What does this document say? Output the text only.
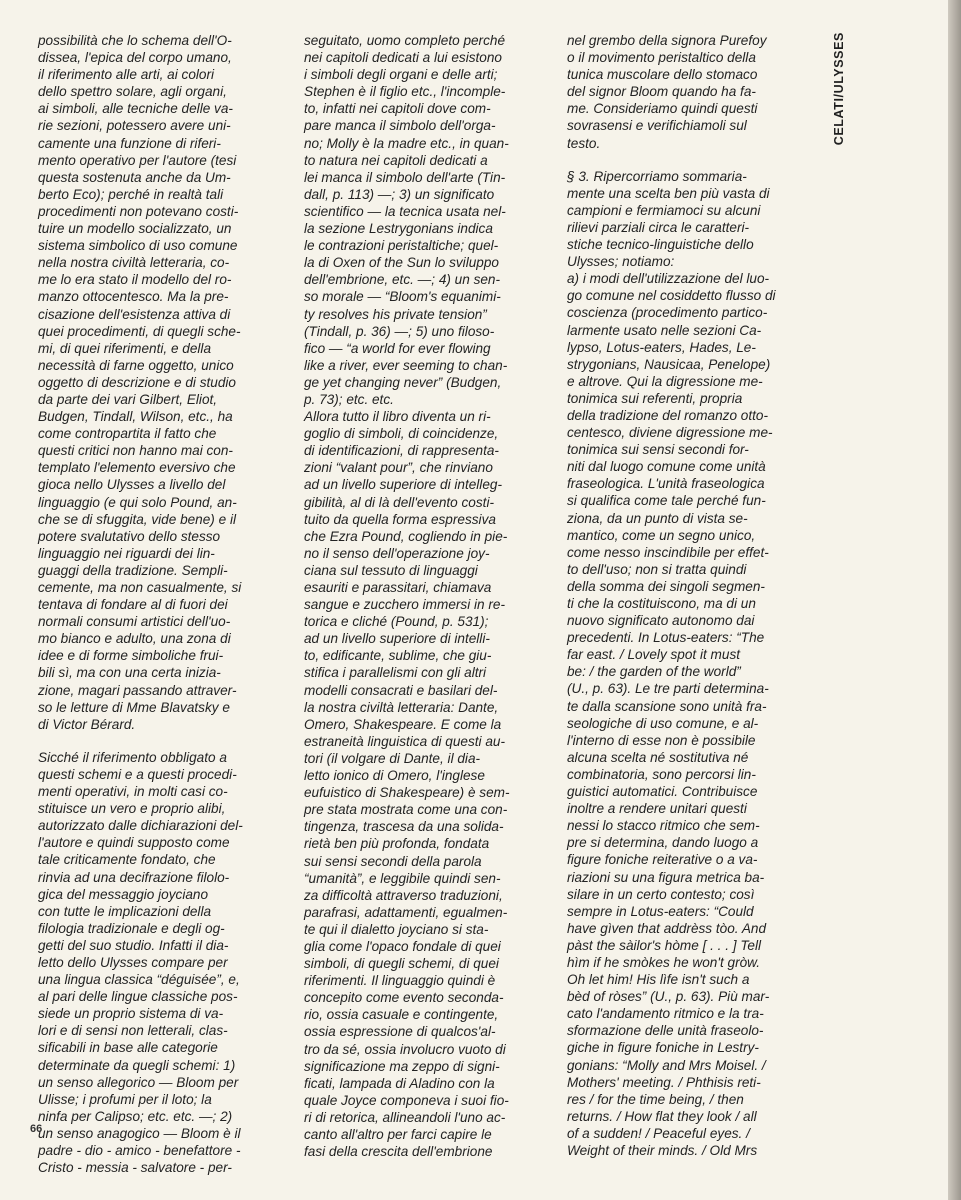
possibilità che lo schema dell'O-
dissea, l'epica del corpo umano,
il riferimento alle arti, ai colori
dello spettro solare, agli organi,
ai simboli, alle tecniche delle va-
rie sezioni, potessero avere uni-
camente una funzione di riferi-
mento operativo per l'autore (tesi
questa sostenuta anche da Um-
berto Eco); perché in realtà tali
procedimenti non potevano costi-
tuire un modello socializzato, un
sistema simbolico di uso comune
nella nostra civiltà letteraria, co-
me lo era stato il modello del ro-
manzo ottocentesco. Ma la pre-
cisazione dell'esistenza attiva di
quei procedimenti, di quegli sche-
mi, di quei riferimenti, e della
necessità di farne oggetto, unico
oggetto di descrizione e di studio
da parte dei vari Gilbert, Eliot,
Budgen, Tindall, Wilson, etc., ha
come contropartita il fatto che
questi critici non hanno mai con-
templato l'elemento eversivo che
gioca nello Ulysses a livello del
linguaggio (e qui solo Pound, an-
che se di sfuggita, vide bene) e il
potere svalutativo dello stesso
linguaggio nei riguardi dei lin-
guaggi della tradizione. Sempli-
cemente, ma non casualmente, si
tentava di fondare al di fuori dei
normali consumi artistici dell'uo-
mo bianco e adulto, una zona di
idee e di forme simboliche frui-
bili sì, ma con una certa inizia-
zione, magari passando attraver-
so le letture di Mme Blavatsky e
di Victor Bérard.

Sicché il riferimento obbligato a
questi schemi e a questi procedi-
menti operativi, in molti casi co-
stituisce un vero e proprio alibi,
autorizzato dalle dichiarazioni del-
l'autore e quindi supposto come
tale criticamente fondato, che
rinvia ad una decifrazione filolo-
gica del messaggio joyciano
con tutte le implicazioni della
filologia tradizionale e degli og-
getti del suo studio. Infatti il dia-
letto dello Ulysses compare per
una lingua classica “déguisée”, e,
al pari delle lingue classiche pos-
siede un proprio sistema di va-
lori e di sensi non letterali, clas-
sificabili in base alle categorie
determinate da quegli schemi: 1)
un senso allegorico — Bloom per
Ulisse; i profumi per il loto; la
ninfa per Calipso; etc. etc. —; 2)
un senso anagogico — Bloom è il
padre - dio - amico - benefattore -
Cristo - messia - salvatore - per-

seguitato, uomo completo perché
nei capitoli dedicati a lui esistono
i simboli degli organi e delle arti;
Stephen è il figlio etc., l'incomple-
to, infatti nei capitoli dove com-
pare manca il simbolo dell'orga-
no; Molly è la madre etc., in quan-
to natura nei capitoli dedicati a
lei manca il simbolo dell'arte (Tin-
dall, p. 113) —; 3) un significato
scientifico — la tecnica usata nel-
la sezione Lestrygonians indica
le contrazioni peristaltiche; quel-
la di Oxen of the Sun lo sviluppo
dell'embrione, etc. —; 4) un sen-
so morale — “Bloom's equanimi-
ty resolves his private tension”
(Tindall, p. 36) —; 5) uno filoso-
fico — “a world for ever flowing
like a river, ever seeming to chan-
ge yet changing never” (Budgen,
p. 73); etc. etc.
Allora tutto il libro diventa un ri-
goglio di simboli, di coincidenze,
di identificazioni, di rappresenta-
zioni “valant pour”, che rinviano
ad un livello superiore di intelleg-
gibilità, al di là dell'evento costi-
tuito da quella forma espressiva
che Ezra Pound, cogliendo in pie-
no il senso dell'operazione joy-
ciana sul tessuto di linguaggi
esauriti e parassitari, chiamava
sangue e zucchero immersi in re-
torica e cliché (Pound, p. 531);
ad un livello superiore di intelli-
to, edificante, sublime, che giu-
stifica i parallelismi con gli altri
modelli consacrati e basilari del-
la nostra civiltà letteraria: Dante,
Omero, Shakespeare. E come la
estraneità linguistica di questi au-
tori (il volgare di Dante, il dia-
letto ionico di Omero, l'inglese
eufuistico di Shakespeare) è sem-
pre stata mostrata come una con-
tingenza, trascesa da una solida-
rietà ben più profonda, fondata
sui sensi secondi della parola
“umanità”, e leggibile quindi sen-
za difficoltà attraverso traduzioni,
parafrasi, adattamenti, egualmen-
te qui il dialetto joyciano si sta-
glia come l'opaco fondale di quei
simboli, di quegli schemi, di quei
riferimenti. Il linguaggio quindi è
concepito come evento seconda-
rio, ossia casuale e contingente,
ossia espressione di qualcos'al-
tro da sé, ossia involucro vuoto di
significazione ma zeppo di signi-
ficati, lampada di Aladino con la
quale Joyce componeva i suoi fio-
ri di retorica, allineandoli l'uno ac-
canto all'altro per farci capire le
fasi della crescita dell'embrione

nel grembo della signora Purefoy
o il movimento peristaltico della
tunica muscolare dello stomaco
del signor Bloom quando ha fa-
me. Consideriamo quindi questi
sovrasensi e verifichiamoli sul
testo.

§ 3. Ripercorriamo sommaria-
mente una scelta ben più vasta di
campioni e fermiamoci su alcuni
rilievi parziali circa le caratteri-
stiche tecnico-linguistiche dello
Ulysses; notiamo:
a) i modi dell'utilizzazione del luo-
go comune nel cosiddetto flusso di
coscienza (procedimento partico-
larmente usato nelle sezioni Ca-
lypso, Lotus-eaters, Hades, Le-
strygonians, Nausicaa, Penelope)
e altrove. Qui la digressione me-
tonimica sui referenti, propria
della tradizione del romanzo otto-
centesco, diviene digressione me-
tonimica sui sensi secondi for-
niti dal luogo comune come unità
fraseologica. L'unità fraseologica
si qualifica come tale perché fun-
ziona, da un punto di vista se-
mantico, come un segno unico,
come nesso inscindibile per effet-
to dell'uso; non si tratta quindi
della somma dei singoli segmen-
ti che la costituiscono, ma di un
nuovo significato autonomo dai
precedenti. In Lotus-eaters: “The
far east. / Lovely spot it must
be: / the garden of the world”
(U., p. 63). Le tre parti determina-
te dalla scansione sono unità fra-
seologiche di uso comune, e al-
l'interno di esse non è possibile
alcuna scelta né sostitutiva né
combinatoria, sono percorsi lin-
guistici automatici. Contribuisce
inoltre a rendere unitari questi
nessi lo stacco ritmico che sem-
pre si determina, dando luogo a
figure foniche reiterative o a va-
riazioni su una figura metrica ba-
silare in un certo contesto; così
sempre in Lotus-eaters: “Could
have gìven that addrèss tòo. And
pàst the sàilor's hòme [ . . . ] Tell
hìm if he smòkes he won't gròw.
Oh let him! His lìfe isn't such a
bèd of ròses” (U., p. 63). Più mar-
cato l'andamento ritmico e la tra-
sformazione delle unità fraseolo-
giche in figure foniche in Lestry-
gonians: “Molly and Mrs Moisel. /
Mothers' meeting. / Phthisis reti-
res / for the time being, / then
returns. / How flat they look / all
of a sudden! / Peaceful eyes. /
Weight of their minds. / Old Mrs

CELATI/ULYSSES
66
